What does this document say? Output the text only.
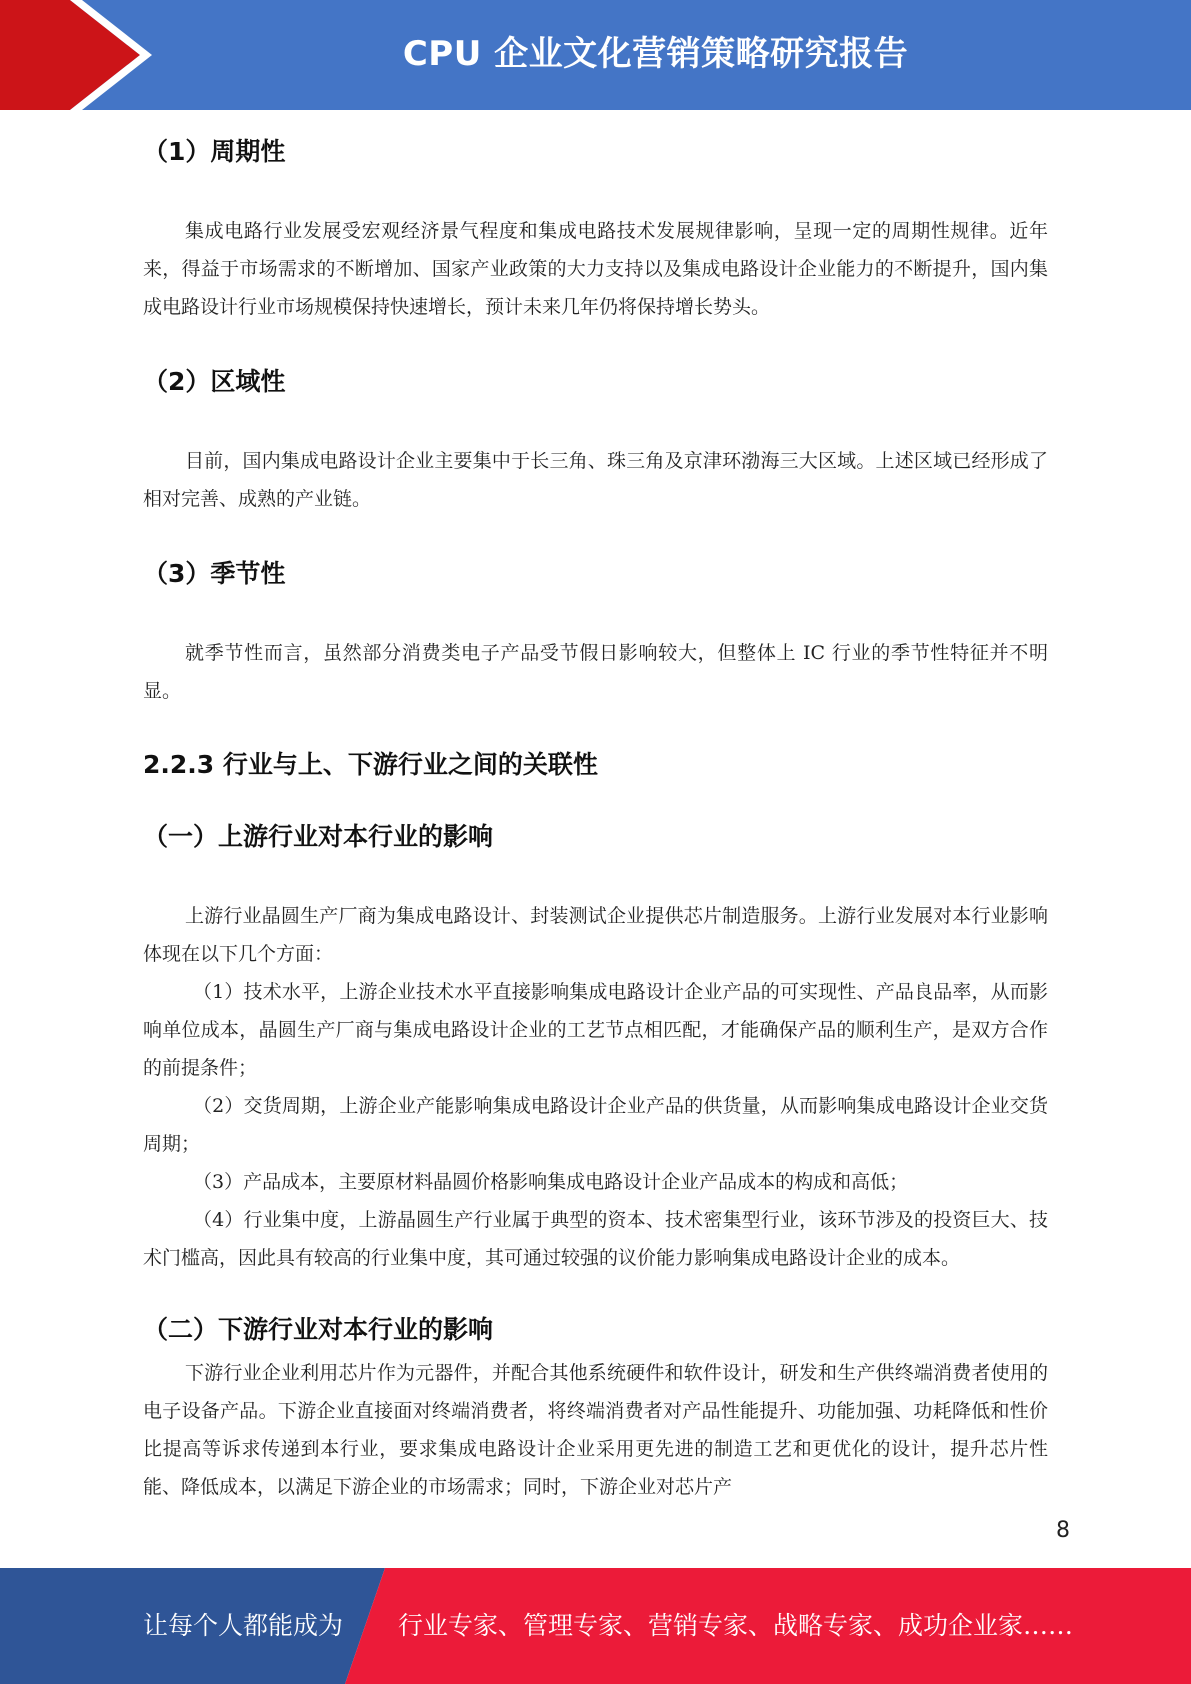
CPU 企业文化营销策略研究报告
（1）周期性

集成电路行业发展受宏观经济景气程度和集成电路技术发展规律影响，呈现一定的周期性规律。近年来，得益于市场需求的不断增加、国家产业政策的大力支持以及集成电路设计企业能力的不断提升，国内集成电路设计行业市场规模保持快速增长，预计未来几年仍将保持增长势头。

（2）区域性

目前，国内集成电路设计企业主要集中于长三角、珠三角及京津环渤海三大区域。上述区域已经形成了相对完善、成熟的产业链。

（3）季节性

就季节性而言，虽然部分消费类电子产品受节假日影响较大，但整体上 IC 行业的季节性特征并不明显。

2.2.3 行业与上、下游行业之间的关联性
（一）上游行业对本行业的影响

上游行业晶圆生产厂商为集成电路设计、封装测试企业提供芯片制造服务。上游行业发展对本行业影响体现在以下几个方面：

（1）技术水平，上游企业技术水平直接影响集成电路设计企业产品的可实现性、产品良品率，从而影响单位成本，晶圆生产厂商与集成电路设计企业的工艺节点相匹配，才能确保产品的顺利生产，是双方合作的前提条件；

（2）交货周期，上游企业产能影响集成电路设计企业产品的供货量，从而影响集成电路设计企业交货周期；

（3）产品成本，主要原材料晶圆价格影响集成电路设计企业产品成本的构成和高低；

（4）行业集中度，上游晶圆生产行业属于典型的资本、技术密集型行业，该环节涉及的投资巨大、技术门槛高，因此具有较高的行业集中度，其可通过较强的议价能力影响集成电路设计企业的成本。

（二）下游行业对本行业的影响

下游行业企业利用芯片作为元器件，并配合其他系统硬件和软件设计，研发和生产供终端消费者使用的电子设备产品。下游企业直接面对终端消费者，将终端消费者对产品性能提升、功能加强、功耗降低和性价比提高等诉求传递到本行业，要求集成电路设计企业采用更先进的制造工艺和更优化的设计，提升芯片性能、降低成本，以满足下游企业的市场需求；同时，下游企业对芯片产

8
让每个人都能成为 行业专家、管理专家、营销专家、战略专家、成功企业家……
